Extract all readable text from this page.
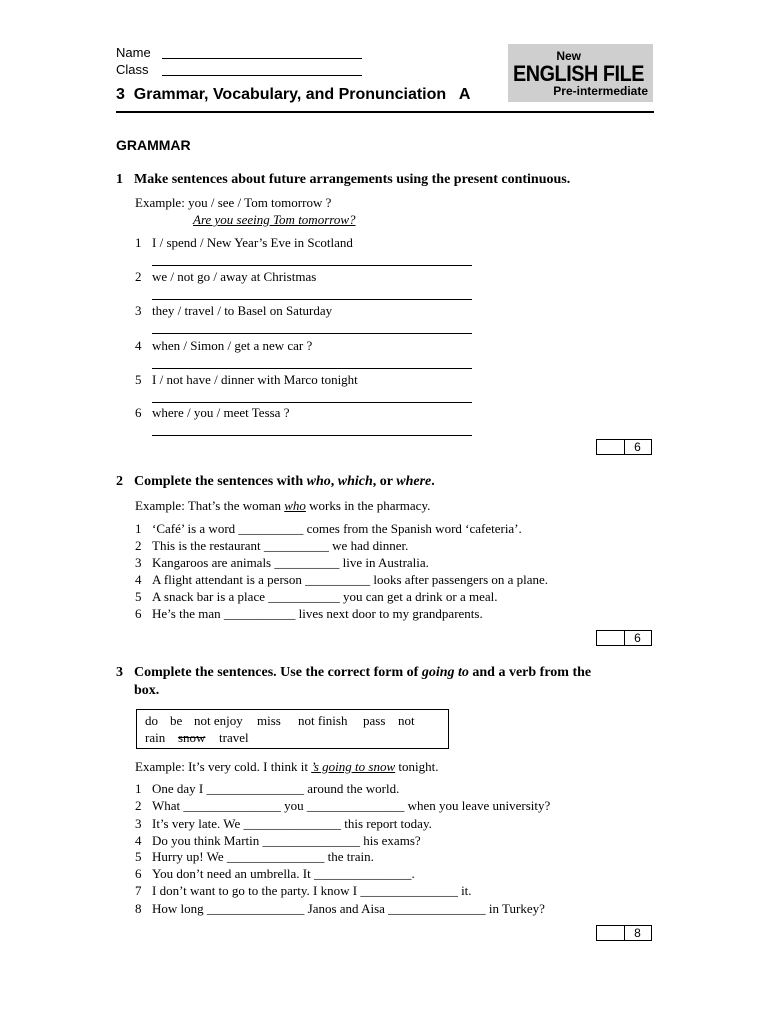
Name
Class
New
ENGLISH FILE
Pre-intermediate
3  Grammar, Vocabulary, and Pronunciation   A
GRAMMAR
1 Make sentences about future arrangements using the present continuous.
Example: you / see / Tom tomorrow ?
Are you seeing Tom tomorrow?
1 I / spend / New Year’s Eve in Scotland
2 we / not go / away at Christmas
3 they / travel / to Basel on Saturday
4 when / Simon / get a new car ?
5 I / not have / dinner with Marco tonight
6 where / you / meet Tessa ?
6
2 Complete the sentences with who, which, or where.
Example: That’s the woman who works in the pharmacy.
1 ‘Café’ is a word __________ comes from the Spanish word ‘cafeteria’.
2 This is the restaurant __________ we had dinner.
3 Kangaroos are animals __________ live in Australia.
4 A flight attendant is a person __________ looks after passengers on a plane.
5 A snack bar is a place ___________ you can get a drink or a meal.
6 He’s the man ___________ lives next door to my grandparents.
6
3 Complete the sentences. Use the correct form of going to and a verb from the
box.
do be not enjoy miss not finish pass not
rain snow travel
Example: It’s very cold. I think it ’s going to snow tonight.
1 One day I _______________ around the world.
2 What _______________ you _______________ when you leave university?
3 It’s very late. We _______________ this report today.
4 Do you think Martin _______________ his exams?
5 Hurry up! We _______________ the train.
6 You don’t need an umbrella. It _______________.
7 I don’t want to go to the party. I know I _______________ it.
8 How long _______________ Janos and Aisa _______________ in Turkey?
8
